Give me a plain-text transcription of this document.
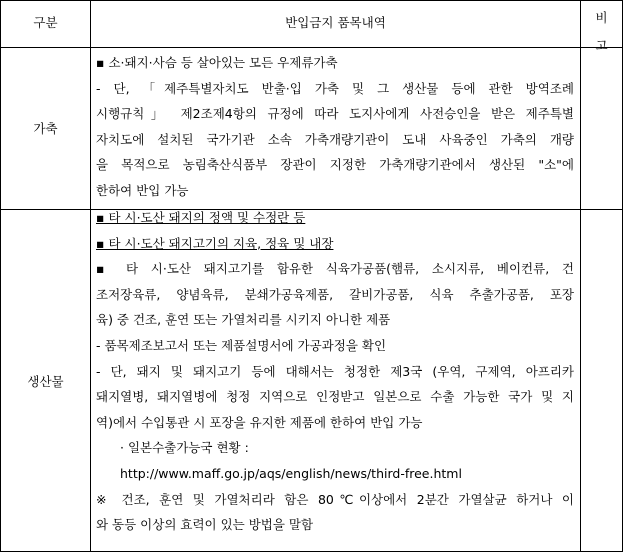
구분	반입금지 품목내역	비
고
가축
▪ 소·돼지·사슴 등 살아있는 모든 우제류가축
- 단, 「제주특별자치도 반출·입 가축 및 그 생산물 등에 관한 방역조례
시행규칙」 제2조제4항의 규정에 따라 도지사에게 사전승인을 받은 제주특별
자치도에 설치된 국가기관 소속 가축개량기관이 도내 사육중인 가축의 개량
을 목적으로 농림축산식품부 장관이 지정한 가축개량기관에서 생산된 "소"에
한하여 반입 가능
생산물
▪ 타 시·도산 돼지의 정액 및 수정란 등
▪ 타 시·도산 돼지고기의 지육, 정육 및 내장
▪ 타 시·도산 돼지고기를 함유한 식육가공품(햄류, 소시지류, 베이컨류, 건
조저장육류, 양념육류, 분쇄가공육제품, 갈비가공품, 식육 추출가공품, 포장
육) 중 건조, 훈연 또는 가열처리를 시키지 아니한 제품
- 품목제조보고서 또는 제품설명서에 가공과정을 확인
- 단, 돼지 및 돼지고기 등에 대해서는 청정한 제3국 (우역, 구제역, 아프리카
돼지열병, 돼지열병에 청정 지역으로 인정받고 일본으로 수출 가능한 국가 및 지
역)에서 수입통관 시 포장을 유지한 제품에 한하여 반입 가능
· 일본수출가능국 현황 :
http://www.maff.go.jp/aqs/english/news/third-free.html
※ 건조, 훈연 및 가열처리라 함은 80℃이상에서 2분간 가열살균 하거나 이
와 동등 이상의 효력이 있는 방법을 말함
